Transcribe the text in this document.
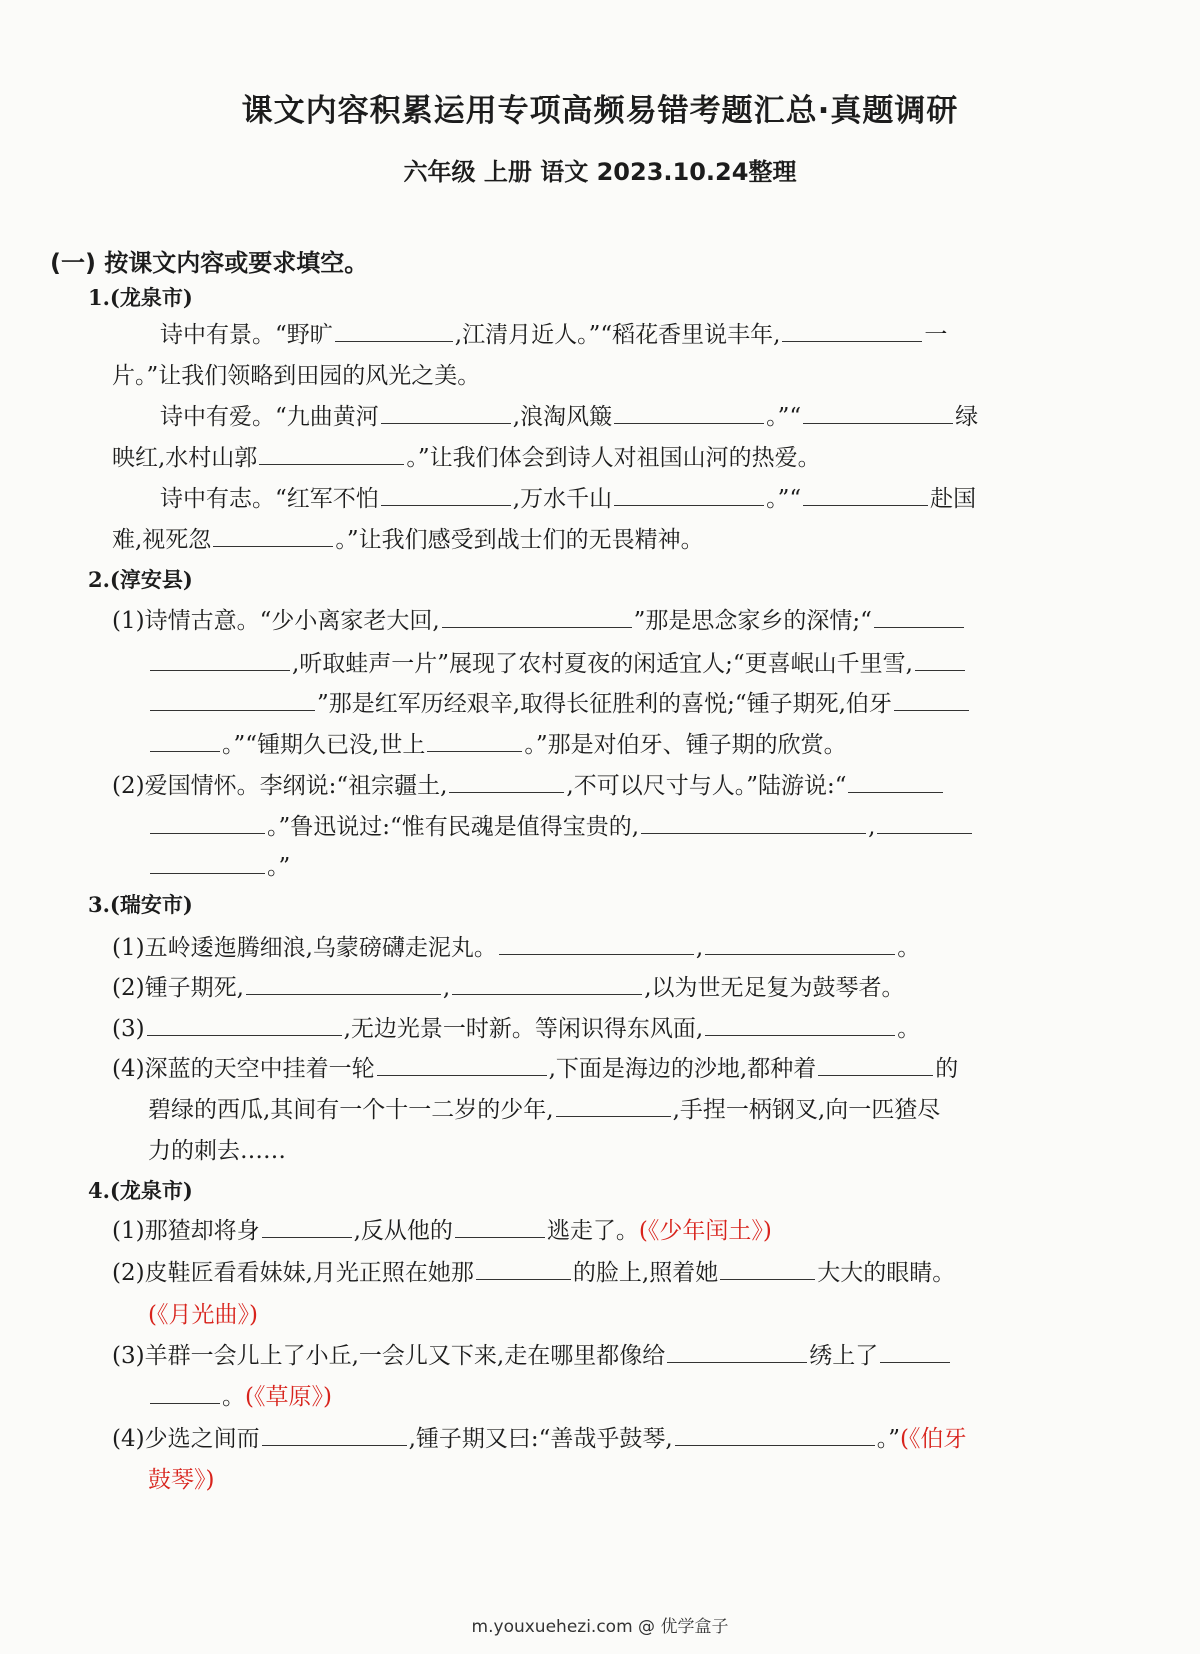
课文内容积累运用专项高频易错考题汇总·真题调研
六年级 上册 语文 2023.10.24整理
(一) 按课文内容或要求填空。
1.(龙泉市)
诗中有景。“野旷	,江清月近人。”“稻花香里说丰年,	一
片。”让我们领略到田园的风光之美。
诗中有爱。“九曲黄河	,浪淘风簸	。”“	绿
映红,水村山郭	。”让我们体会到诗人对祖国山河的热爱。
诗中有志。“红军不怕	,万水千山	。”“	赴国
难,视死忽	。”让我们感受到战士们的无畏精神。
2.(淳安县)
(1)诗情古意。“少小离家老大回,	”那是思念家乡的深情;“
,听取蛙声一片”展现了农村夏夜的闲适宜人;“更喜岷山千里雪,
”那是红军历经艰辛,取得长征胜利的喜悦;“锺子期死,伯牙
。”“锺期久已没,世上	。”那是对伯牙、锺子期的欣赏。
(2)爱国情怀。李纲说:“祖宗疆土,	,不可以尺寸与人。”陆游说:“
。”鲁迅说过:“惟有民魂是值得宝贵的,	,
。”
3.(瑞安市)
(1)五岭逶迤腾细浪,乌蒙磅礴走泥丸。	,	。
(2)锺子期死,	,	,以为世无足复为鼓琴者。
(3)	,无边光景一时新。等闲识得东风面,	。
(4)深蓝的天空中挂着一轮	,下面是海边的沙地,都种着	的
碧绿的西瓜,其间有一个十一二岁的少年,	,手捏一柄钢叉,向一匹猹尽
力的刺去……
4.(龙泉市)
(1)那猹却将身	,反从他的	逃走了。(《少年闰土》)
(2)皮鞋匠看看妹妹,月光正照在她那	的脸上,照着她	大大的眼睛。
(《月光曲》)
(3)羊群一会儿上了小丘,一会儿又下来,走在哪里都像给	绣上了
。(《草原》)
(4)少选之间而	,锺子期又曰:“善哉乎鼓琴,	。”(《伯牙
鼓琴》)
m.youxuehezi.com @ 优学盒子
